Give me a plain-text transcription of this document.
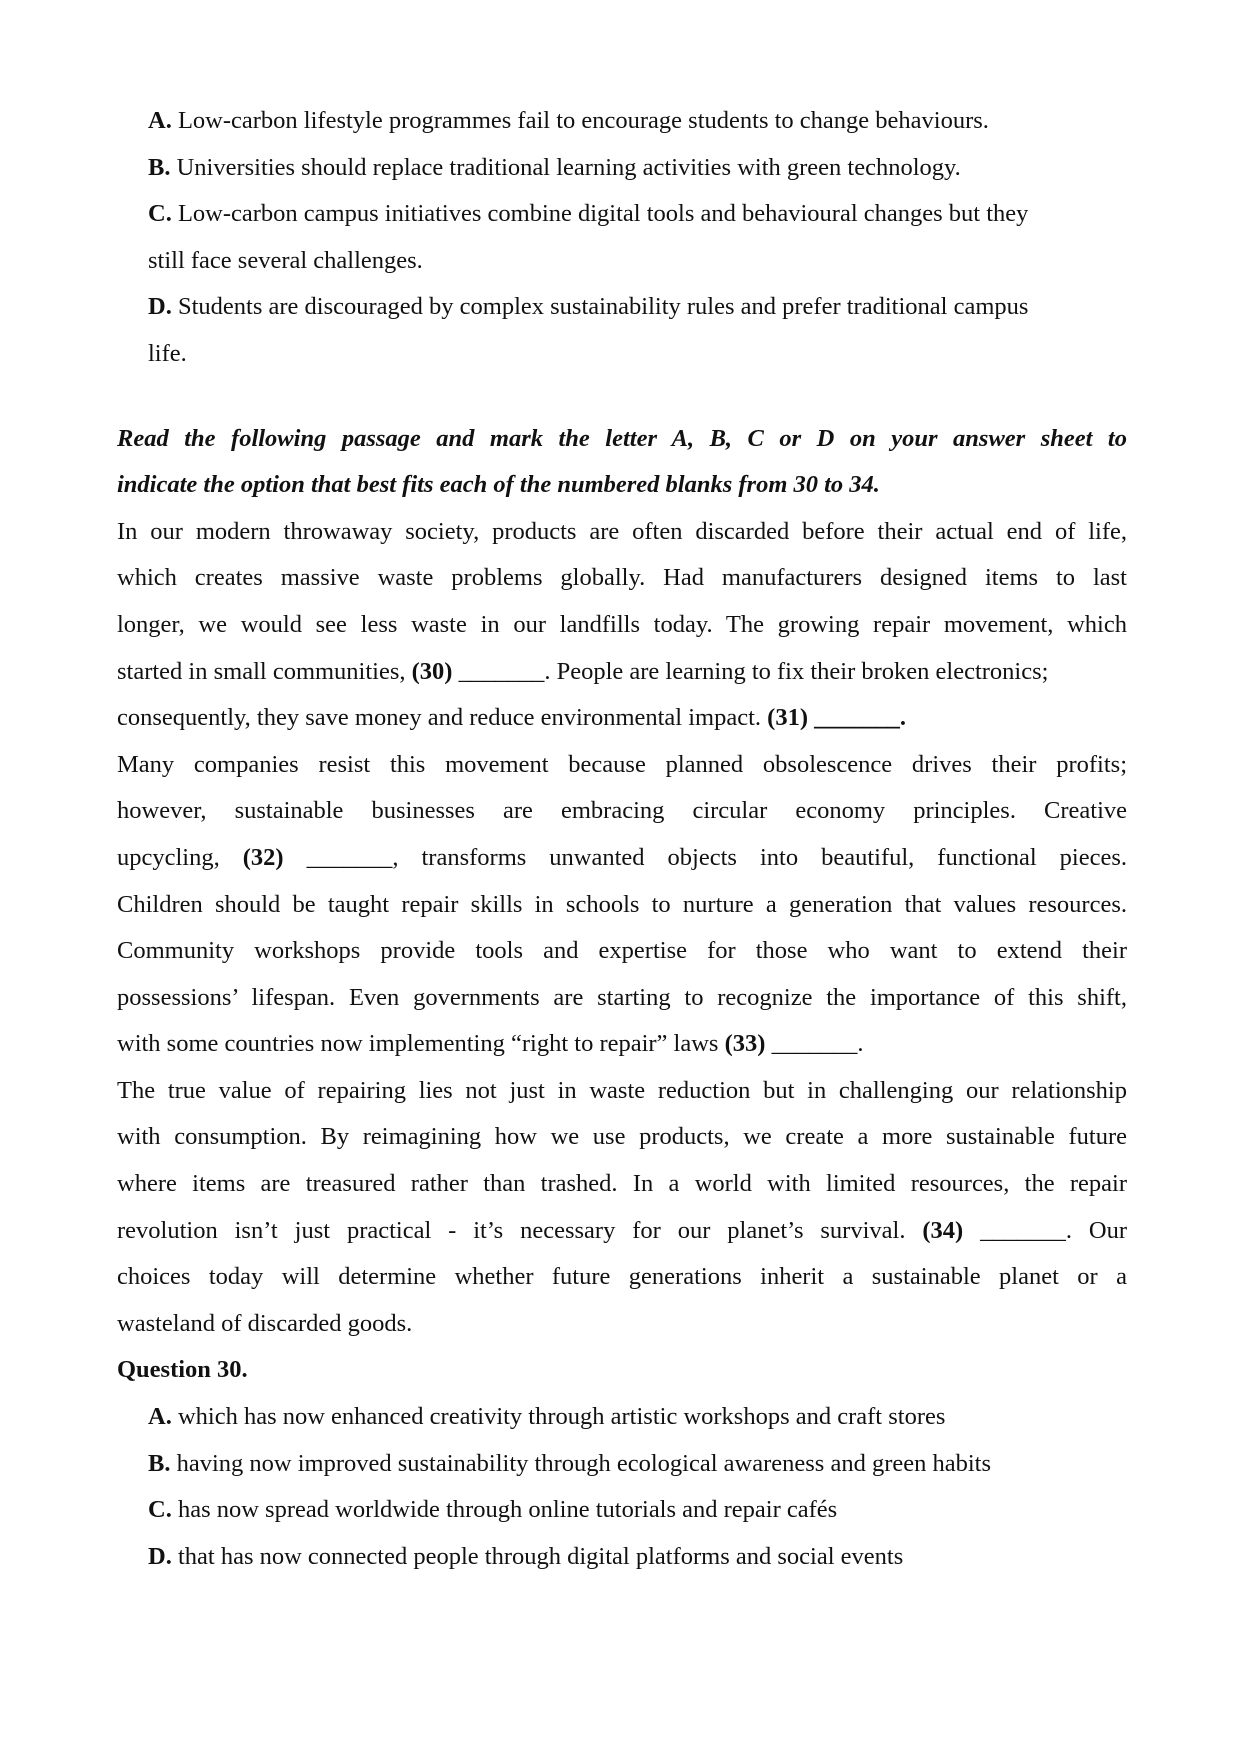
A. Low-carbon lifestyle programmes fail to encourage students to change behaviours.
B. Universities should replace traditional learning activities with green technology.
C. Low-carbon campus initiatives combine digital tools and behavioural changes but they
still face several challenges.
D. Students are discouraged by complex sustainability rules and prefer traditional campus
life.
Read the following passage and mark the letter A, B, C or D on your answer sheet to
indicate the option that best fits each of the numbered blanks from 30 to 34.
In our modern throwaway society, products are often discarded before their actual end of life,
which creates massive waste problems globally. Had manufacturers designed items to last
longer, we would see less waste in our landfills today. The growing repair movement, which
started in small communities, (30) _______. People are learning to fix their broken electronics;
consequently, they save money and reduce environmental impact. (31) _______.
Many companies resist this movement because planned obsolescence drives their profits;
however, sustainable businesses are embracing circular economy principles. Creative
upcycling, (32) _______, transforms unwanted objects into beautiful, functional pieces.
Children should be taught repair skills in schools to nurture a generation that values resources.
Community workshops provide tools and expertise for those who want to extend their
possessions’ lifespan. Even governments are starting to recognize the importance of this shift,
with some countries now implementing “right to repair” laws (33) _______.
The true value of repairing lies not just in waste reduction but in challenging our relationship
with consumption. By reimagining how we use products, we create a more sustainable future
where items are treasured rather than trashed. In a world with limited resources, the repair
revolution isn’t just practical - it’s necessary for our planet’s survival. (34) _______. Our
choices today will determine whether future generations inherit a sustainable planet or a
wasteland of discarded goods.
Question 30.
A. which has now enhanced creativity through artistic workshops and craft stores
B. having now improved sustainability through ecological awareness and green habits
C. has now spread worldwide through online tutorials and repair cafés
D. that has now connected people through digital platforms and social events
